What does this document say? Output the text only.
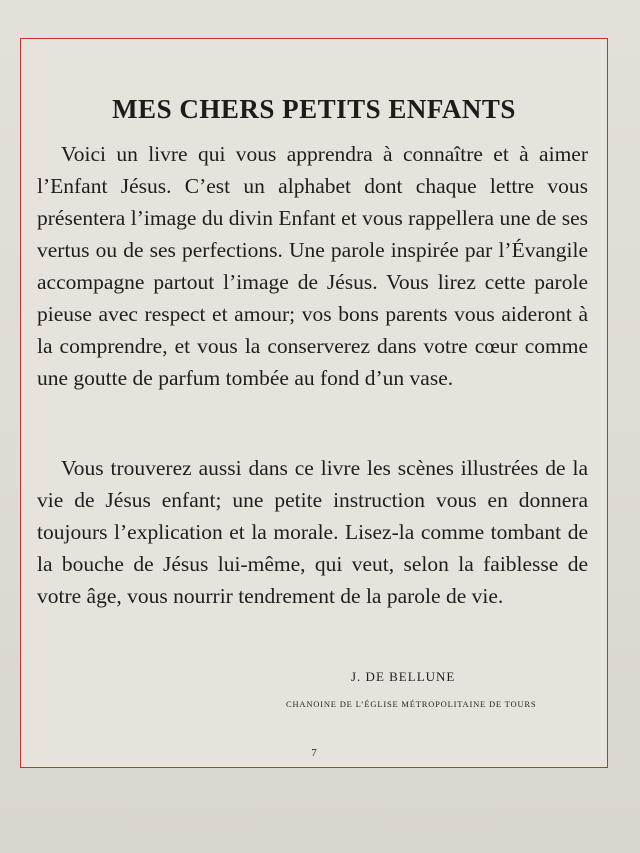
MES CHERS PETITS ENFANTS

Voici un livre qui vous apprendra à connaître et à aimer l’Enfant Jésus. C’est un alphabet dont chaque lettre vous présentera l’image du divin Enfant et vous rappellera une de ses vertus ou de ses perfections. Une parole inspirée par l’Évangile accompagne partout l’image de Jésus. Vous lirez cette parole pieuse avec respect et amour; vos bons parents vous aideront à la comprendre, et vous la conserverez dans votre cœur comme une goutte de parfum tombée au fond d’un vase.

Vous trouverez aussi dans ce livre les scènes illustrées de la vie de Jésus enfant; une petite instruction vous en donnera toujours l’explication et la morale. Lisez-la comme tombant de la bouche de Jésus lui-même, qui veut, selon la faiblesse de votre âge, vous nourrir tendrement de la parole de vie.

J. DE BELLUNE

CHANOINE DE L’ÉGLISE MÉTROPOLITAINE DE TOURS

7
